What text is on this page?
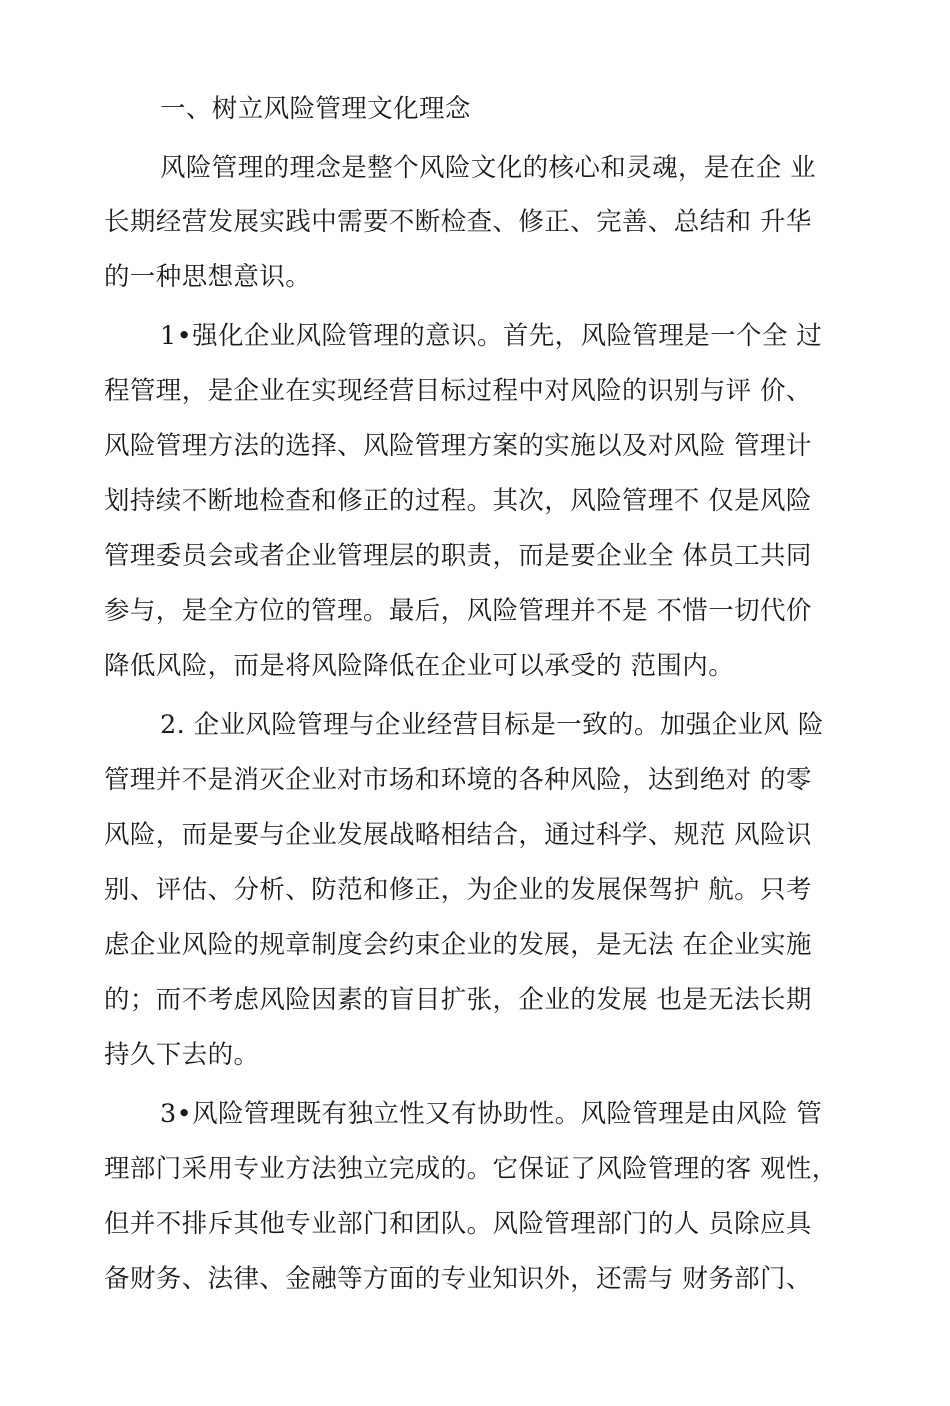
一、树立风险管理文化理念
风险管理的理念是整个风险文化的核心和灵魂，是在企 业
长期经营发展实践中需要不断检查、修正、完善、总结和 升华
的一种思想意识。
1•强化企业风险管理的意识。首先，风险管理是一个全 过
程管理，是企业在实现经营目标过程中对风险的识别与评 价、
风险管理方法的选择、风险管理方案的实施以及对风险 管理计
划持续不断地检查和修正的过程。其次，风险管理不 仅是风险
管理委员会或者企业管理层的职责，而是要企业全 体员工共同
参与，是全方位的管理。最后，风险管理并不是 不惜一切代价
降低风险，而是将风险降低在企业可以承受的 范围内。
2. 企业风险管理与企业经营目标是一致的。加强企业风 险
管理并不是消灭企业对市场和环境的各种风险，达到绝对 的零
风险，而是要与企业发展战略相结合，通过科学、规范 风险识
别、评估、分析、防范和修正，为企业的发展保驾护 航。只考
虑企业风险的规章制度会约束企业的发展，是无法 在企业实施
的；而不考虑风险因素的盲目扩张，企业的发展 也是无法长期
持久下去的。
3•风险管理既有独立性又有协助性。风险管理是由风险 管
理部门采用专业方法独立完成的。它保证了风险管理的客 观性，
但并不排斥其他专业部门和团队。风险管理部门的人 员除应具
备财务、法律、金融等方面的专业知识外，还需与 财务部门、
